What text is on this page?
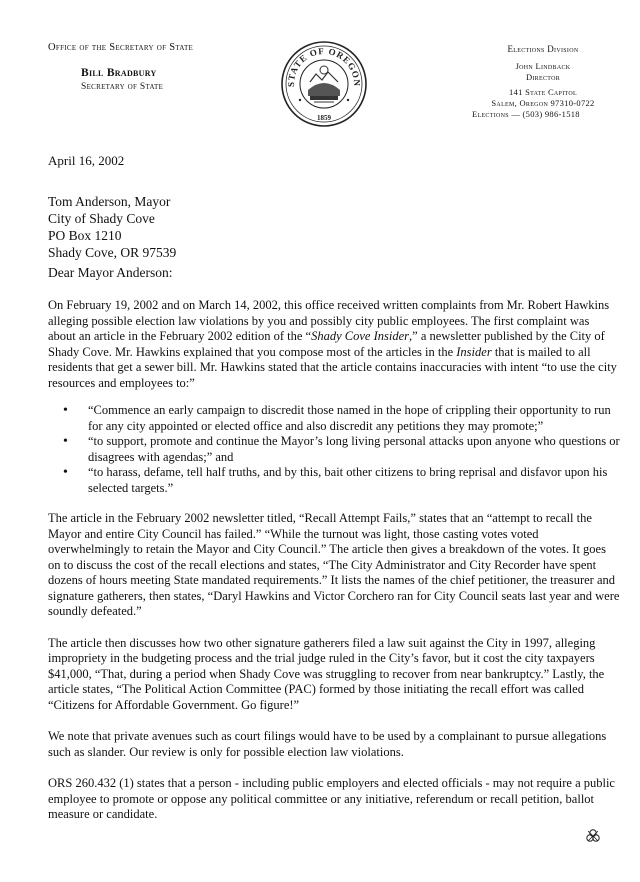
Office of the Secretary of State
Bill Bradbury
Secretary of State	STATE OF OREGON
1859
Elections Division
John Lindback
Director
141 State Capitol
Salem, Oregon 97310-0722
Elections — (503) 986-1518
April 16, 2002
Tom Anderson, Mayor
City of Shady Cove
PO Box 1210
Shady Cove, OR 97539
Dear Mayor Anderson:

On February 19, 2002 and on March 14, 2002, this office received written complaints from Mr. Robert Hawkins alleging possible election law violations by you and possibly city public employees. The first complaint was about an article in the February 2002 edition of the “Shady Cove Insider,” a newsletter published by the City of Shady Cove. Mr. Hawkins explained that you compose most of the articles in the Insider that is mailed to all residents that get a sewer bill. Mr. Hawkins stated that the article contains inaccuracies with intent “to use the city resources and employees to:”

• “Commence an early campaign to discredit those named in the hope of crippling their opportunity to run for any city appointed or elected office and also discredit any petitions they may promote;”
• “to support, promote and continue the Mayor’s long living personal attacks upon anyone who questions or disagrees with agendas;” and
• “to harass, defame, tell half truths, and by this, bait other citizens to bring reprisal and disfavor upon his selected targets.”

The article in the February 2002 newsletter titled, “Recall Attempt Fails,” states that an “attempt to recall the Mayor and entire City Council has failed.” “While the turnout was light, those casting votes voted overwhelmingly to retain the Mayor and City Council.” The article then gives a breakdown of the votes. It goes on to discuss the cost of the recall elections and states, “The City Administrator and City Recorder have spent dozens of hours meeting State mandated requirements.” It lists the names of the chief petitioner, the treasurer and signature gatherers, then states, “Daryl Hawkins and Victor Corchero ran for City Council seats last year and were soundly defeated.”

The article then discusses how two other signature gatherers filed a law suit against the City in 1997, alleging impropriety in the budgeting process and the trial judge ruled in the City’s favor, but it cost the city taxpayers $41,000, “That, during a period when Shady Cove was struggling to recover from near bankruptcy.” Lastly, the article states, “The Political Action Committee (PAC) formed by those initiating the recall effort was called “Citizens for Affordable Government. Go figure!”

We note that private avenues such as court filings would have to be used by a complainant to pursue allegations such as slander. Our review is only for possible election law violations.

ORS 260.432 (1) states that a person - including public employers and elected officials - may not require a public employee to promote or oppose any political committee or any initiative, referendum or recall petition, ballot measure or candidate.
